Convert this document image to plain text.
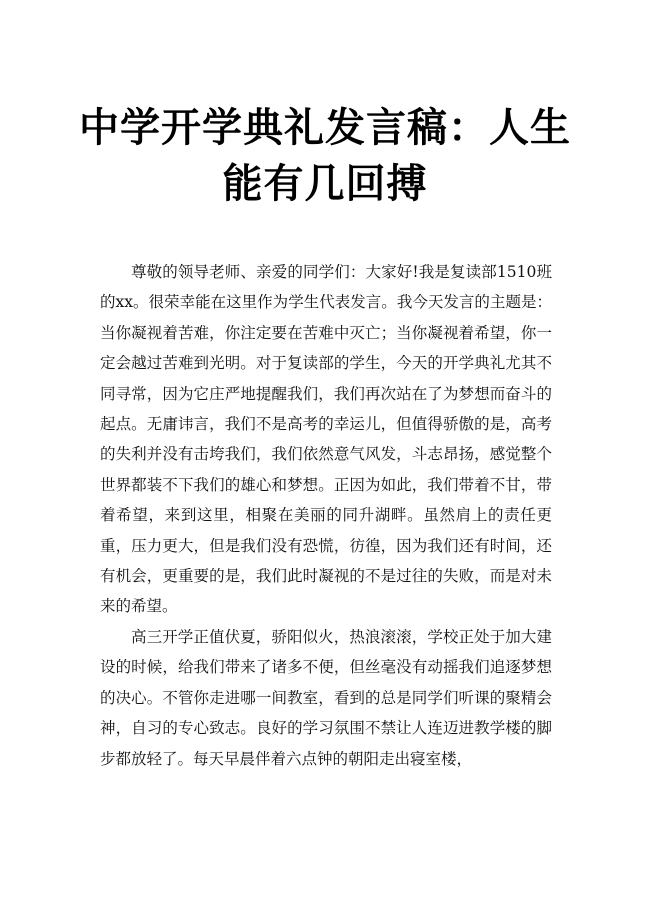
中学开学典礼发言稿：人生能有几回搏

尊敬的领导老师、亲爱的同学们：大家好!我是复读部1510班的xx。很荣幸能在这里作为学生代表发言。我今天发言的主题是：当你凝视着苦难，你注定要在苦难中灭亡；当你凝视着希望，你一定会越过苦难到光明。对于复读部的学生，今天的开学典礼尤其不同寻常，因为它庄严地提醒我们，我们再次站在了为梦想而奋斗的起点。无庸讳言，我们不是高考的幸运儿，但值得骄傲的是，高考的失利并没有击垮我们，我们依然意气风发，斗志昂扬，感觉整个世界都装不下我们的雄心和梦想。正因为如此，我们带着不甘，带着希望，来到这里，相聚在美丽的同升湖畔。虽然肩上的责任更重，压力更大，但是我们没有恐慌，彷徨，因为我们还有时间，还有机会，更重要的是，我们此时凝视的不是过往的失败，而是对未来的希望。

高三开学正值伏夏，骄阳似火，热浪滚滚，学校正处于加大建设的时候，给我们带来了诸多不便，但丝毫没有动摇我们追逐梦想的决心。不管你走进哪一间教室，看到的总是同学们听课的聚精会神，自习的专心致志。良好的学习氛围不禁让人连迈进教学楼的脚步都放轻了。每天早晨伴着六点钟的朝阳走出寝室楼，
